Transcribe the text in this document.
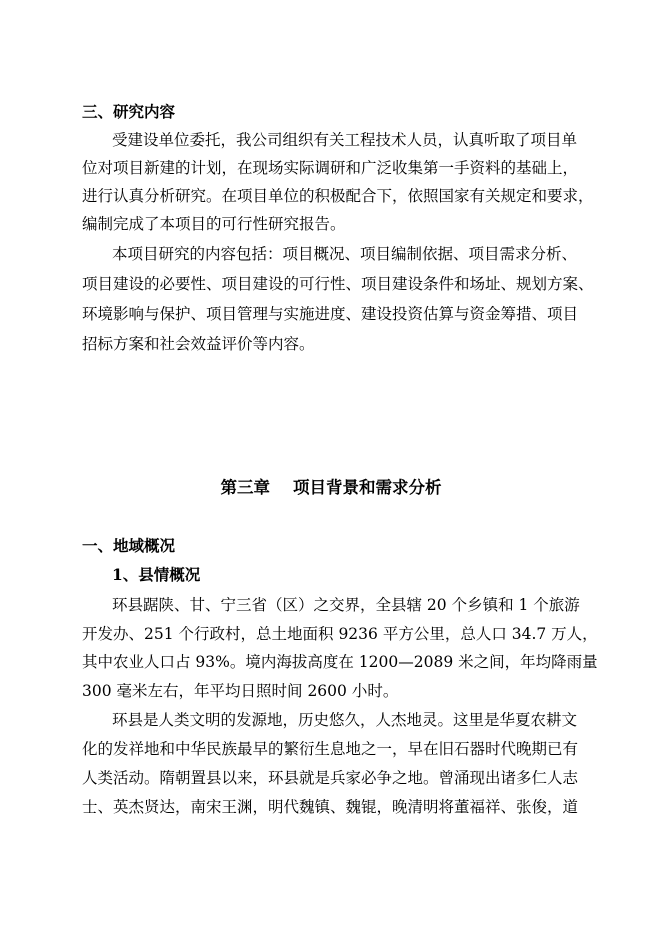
三、研究内容
受建设单位委托，我公司组织有关工程技术人员，认真听取了项目单
位对项目新建的计划，在现场实际调研和广泛收集第一手资料的基础上，
进行认真分析研究。在项目单位的积极配合下，依照国家有关规定和要求，
编制完成了本项目的可行性研究报告。
本项目研究的内容包括：项目概况、项目编制依据、项目需求分析、
项目建设的必要性、项目建设的可行性、项目建设条件和场址、规划方案、
环境影响与保护、项目管理与实施进度、建设投资估算与资金筹措、项目
招标方案和社会效益评价等内容。
第三章    项目背景和需求分析
一、地域概况
1、县情概况
环县踞陕、甘、宁三省（区）之交界，全县辖 20 个乡镇和 1 个旅游
开发办、251 个行政村，总土地面积 9236 平方公里，总人口 34.7 万人，
其中农业人口占 93%。境内海拔高度在 1200—2089 米之间，年均降雨量
300 毫米左右，年平均日照时间 2600 小时。
环县是人类文明的发源地，历史悠久，人杰地灵。这里是华夏农耕文
化的发祥地和中华民族最早的繁衍生息地之一，早在旧石器时代晚期已有
人类活动。隋朝置县以来，环县就是兵家必争之地。曾涌现出诸多仁人志
士、英杰贤达，南宋王渊，明代魏镇、魏锟，晚清明将董福祥、张俊，道
